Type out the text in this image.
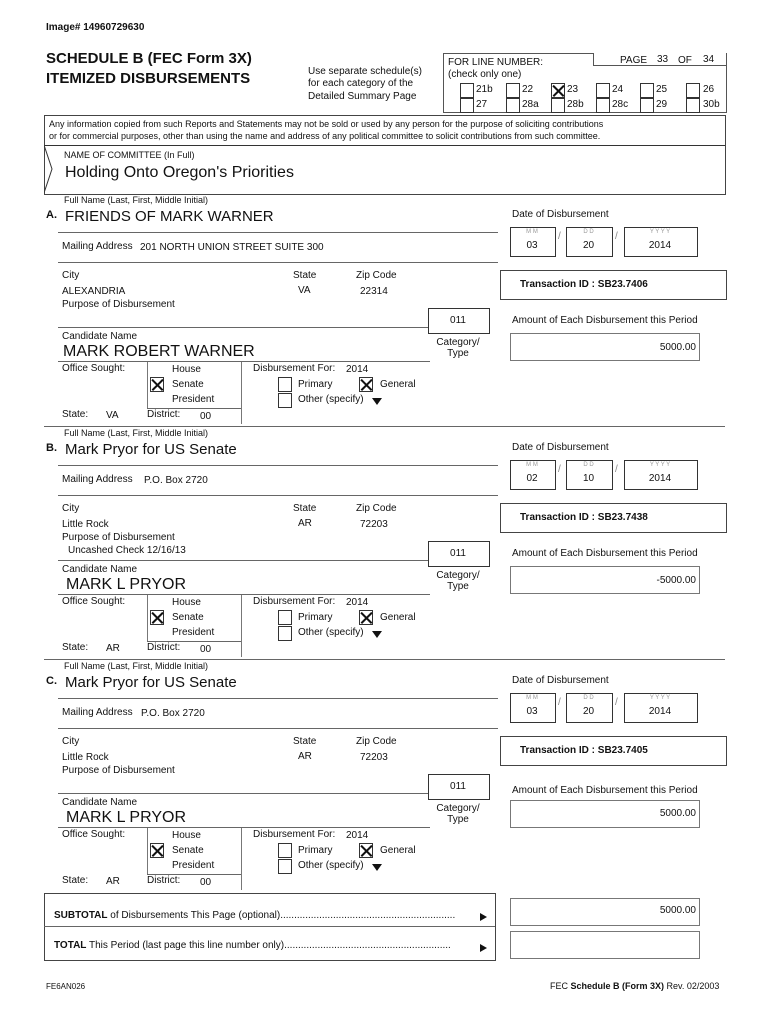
Image# 14960729630
SCHEDULE B (FEC Form 3X)
ITEMIZED DISBURSEMENTS	Use separate schedule(s)
for each category of the
Detailed Summary Page
FOR LINE NUMBER:
(check only one)
PAGE 33 OF 34
21b	22	23	24	25	26
27	28a	28b	28c	29	30b
Any information copied from such Reports and Statements may not be sold or used by any person for the purpose of soliciting contributions
or for commercial purposes, other than using the name and address of any political committee to solicit contributions from such committee.
NAME OF COMMITTEE (In Full)
Holding Onto Oregon's Priorities
Full Name (Last, First, Middle Initial)
A. FRIENDS OF MARK WARNER
Mailing Address 201 NORTH UNION STREET SUITE 300
City	State	Zip Code
ALEXANDRIA	VA	22314
Purpose of Disbursement
011
Category/
Type
Candidate Name
MARK ROBERT WARNER
Office Sought:	House
Senate
President
State: VA	District: 00
Disbursement For: 2014
Primary	General
Other (specify)
Date of Disbursement
M M
03
/	D D
20
/	Y Y Y Y
2014
Transaction ID : SB23.7406
Amount of Each Disbursement this Period
5000.00
Full Name (Last, First, Middle Initial)
B. Mark Pryor for US Senate
Mailing Address P.O. Box 2720
City	State	Zip Code
Little Rock	AR	72203
Purpose of Disbursement
Uncashed Check 12/16/13	011
Category/
Type
Candidate Name
MARK L PRYOR
Office Sought:	House
Senate
President
State: AR	District: 00
Disbursement For: 2014
Primary	General
Other (specify)
Date of Disbursement
M M
02
/	D D
10
/	Y Y Y Y
2014
Transaction ID : SB23.7438
Amount of Each Disbursement this Period
-5000.00
Full Name (Last, First, Middle Initial)
C. Mark Pryor for US Senate
Mailing Address P.O. Box 2720
City	State	Zip Code
Little Rock	AR	72203
Purpose of Disbursement
011
Category/
Type
Candidate Name
MARK L PRYOR
Office Sought:	House
Senate
President
State: AR	District: 00
Disbursement For: 2014
Primary	General
Other (specify)
Date of Disbursement
M M
03
/	D D
20
/	Y Y Y Y
2014
Transaction ID : SB23.7405
Amount of Each Disbursement this Period
5000.00
SUBTOTAL of Disbursements This Page (optional)...............................................................	5000.00
TOTAL This Period (last page this line number only)............................................................
FE6AN026	FEC Schedule B (Form 3X) Rev. 02/2003
